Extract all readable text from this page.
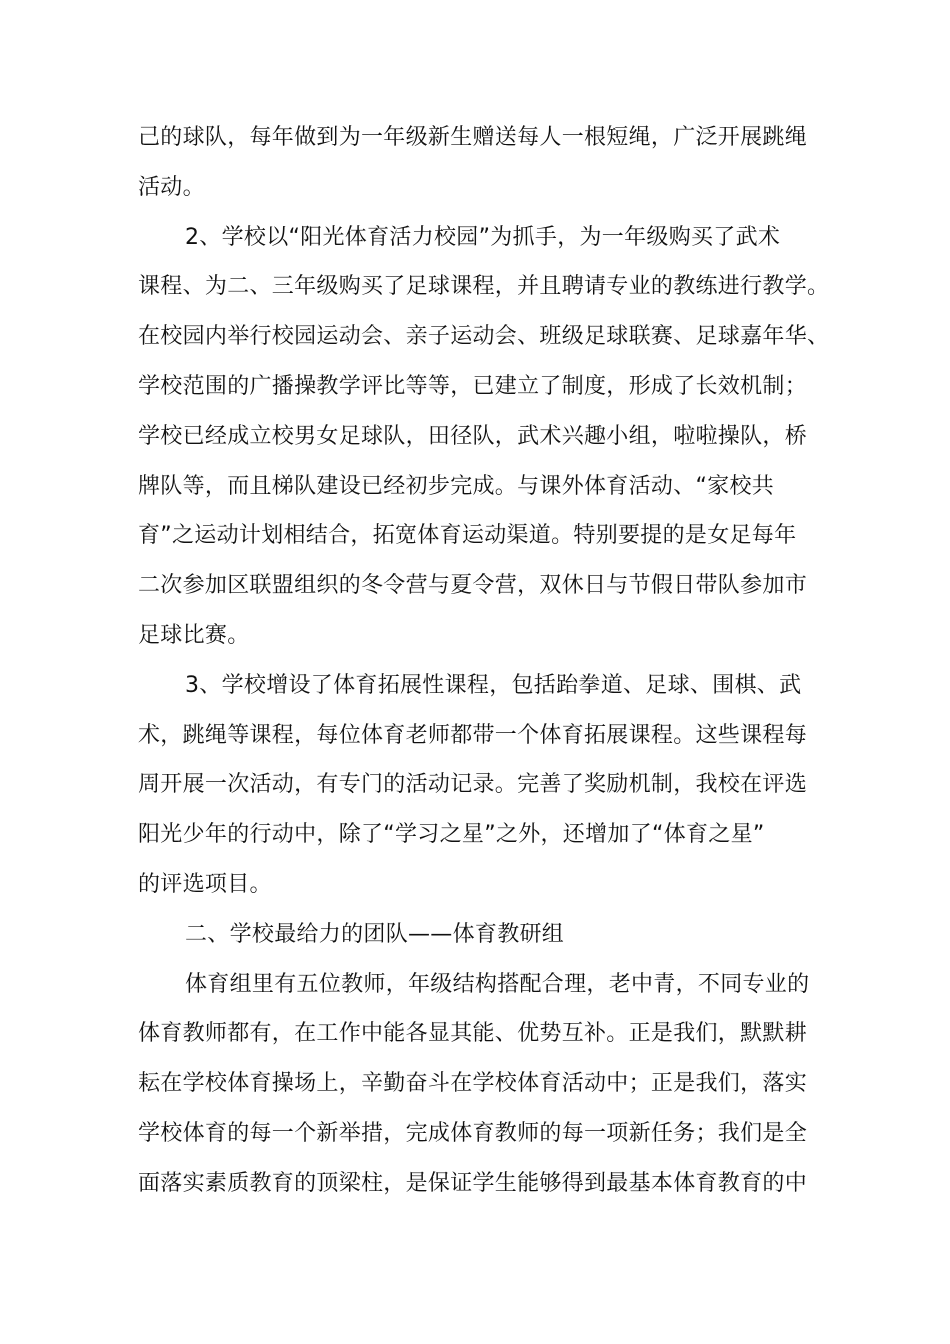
己的球队，每年做到为一年级新生赠送每人一根短绳，广泛开展跳绳
活动。
2、学校以“阳光体育活力校园”为抓手，为一年级购买了武术
课程、为二、三年级购买了足球课程，并且聘请专业的教练进行教学。
在校园内举行校园运动会、亲子运动会、班级足球联赛、足球嘉年华、
学校范围的广播操教学评比等等，已建立了制度，形成了长效机制；
学校已经成立校男女足球队，田径队，武术兴趣小组，啦啦操队，桥
牌队等，而且梯队建设已经初步完成。与课外体育活动、“家校共
育”之运动计划相结合，拓宽体育运动渠道。特别要提的是女足每年
二次参加区联盟组织的冬令营与夏令营，双休日与节假日带队参加市
足球比赛。
3、学校增设了体育拓展性课程，包括跆拳道、足球、围棋、武
术，跳绳等课程，每位体育老师都带一个体育拓展课程。这些课程每
周开展一次活动，有专门的活动记录。完善了奖励机制，我校在评选
阳光少年的行动中，除了“学习之星”之外，还增加了“体育之星”
的评选项目。
二、学校最给力的团队——体育教研组
体育组里有五位教师，年级结构搭配合理，老中青，不同专业的
体育教师都有，在工作中能各显其能、优势互补。正是我们，默默耕
耘在学校体育操场上，辛勤奋斗在学校体育活动中；正是我们，落实
学校体育的每一个新举措，完成体育教师的每一项新任务；我们是全
面落实素质教育的顶梁柱，是保证学生能够得到最基本体育教育的中
